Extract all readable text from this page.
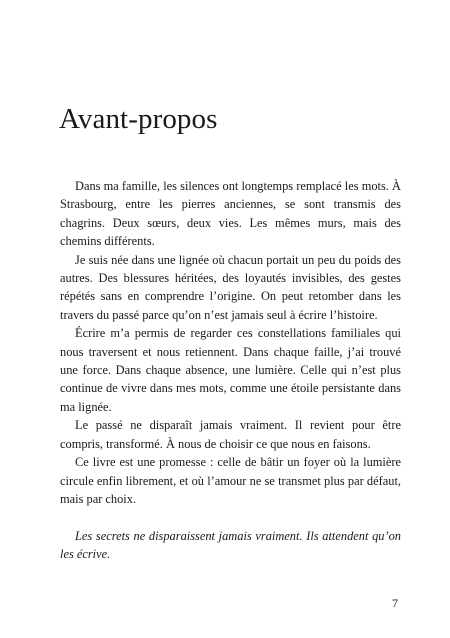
Avant-propos

Dans ma famille, les silences ont longtemps remplacé les mots. À Strasbourg, entre les pierres anciennes, se sont transmis des chagrins. Deux sœurs, deux vies. Les mêmes murs, mais des chemins différents.

Je suis née dans une lignée où chacun portait un peu du poids des autres. Des blessures héritées, des loyautés invisibles, des gestes répétés sans en comprendre l’origine. On peut retomber dans les travers du passé parce qu’on n’est jamais seul à écrire l’histoire.

Écrire m’a permis de regarder ces constellations familiales qui nous traversent et nous retiennent. Dans chaque faille, j’ai trouvé une force. Dans chaque absence, une lumière. Celle qui n’est plus continue de vivre dans mes mots, comme une étoile persistante dans ma lignée.

Le passé ne disparaît jamais vraiment. Il revient pour être compris, transformé. À nous de choisir ce que nous en faisons.

Ce livre est une promesse : celle de bâtir un foyer où la lumière circule enfin librement, et où l’amour ne se transmet plus par défaut, mais par choix.

Les secrets ne disparaissent jamais vraiment. Ils attendent qu’on les écrive.

7
